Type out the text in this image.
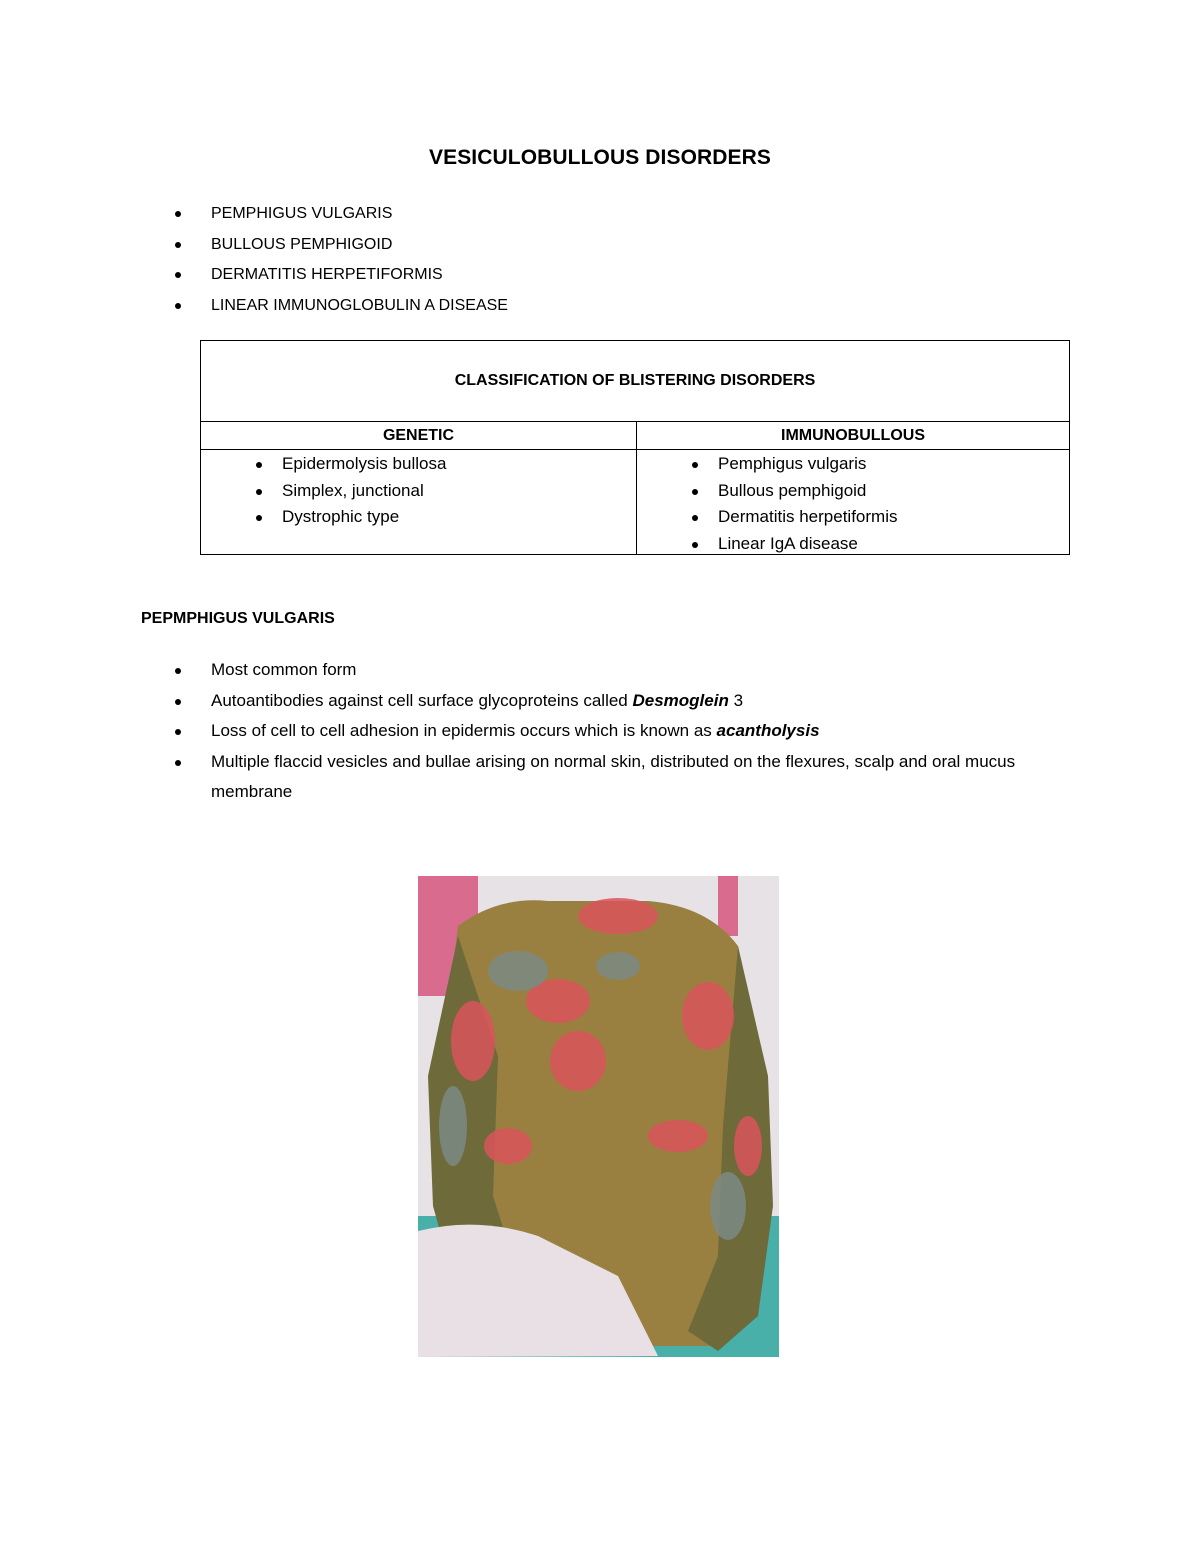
VESICULOBULLOUS DISORDERS
PEMPHIGUS VULGARIS
BULLOUS PEMPHIGOID
DERMATITIS HERPETIFORMIS
LINEAR IMMUNOGLOBULIN A DISEASE
CLASSIFICATION OF BLISTERING DISORDERS
GENETIC	IMMUNOBULLOUS
Epidermolysis bullosa
Simplex, junctional
Dystrophic type
Pemphigus vulgaris
Bullous pemphigoid
Dermatitis herpetiformis
Linear IgA disease
PEPMPHIGUS VULGARIS
Most common form
Autoantibodies against cell surface glycoproteins called Desmoglein 3
Loss of cell to cell adhesion in epidermis occurs which is known as acantholysis
Multiple flaccid vesicles and bullae arising on normal skin, distributed on the flexures, scalp and oral mucus membrane
